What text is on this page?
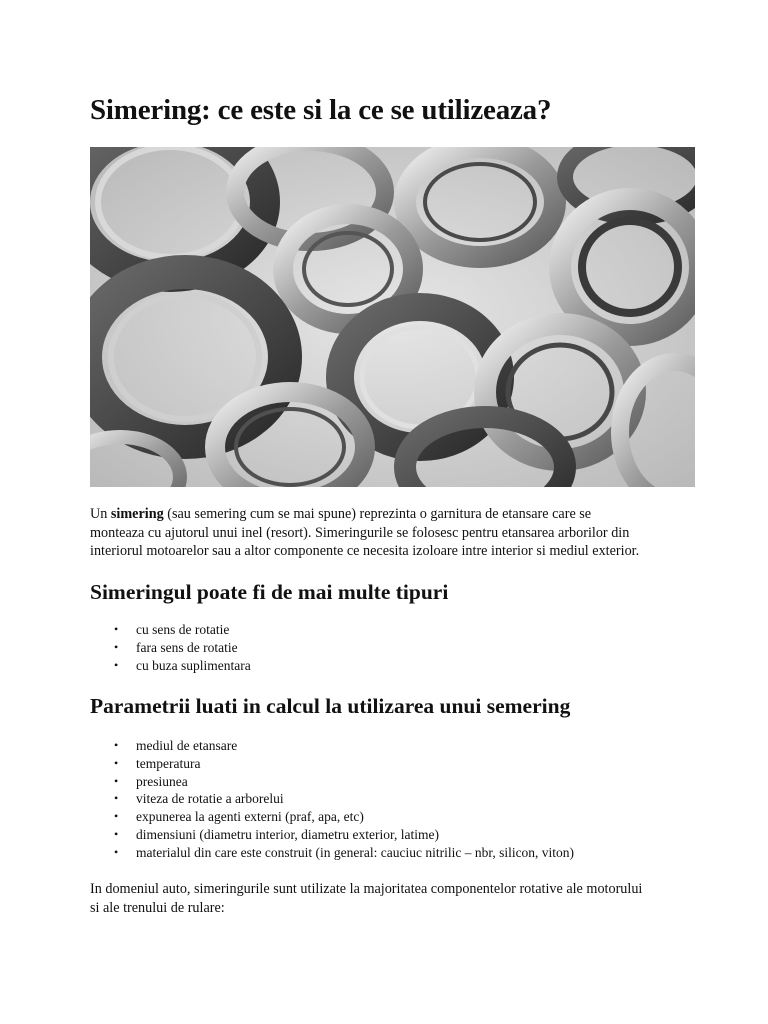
Simering: ce este si la ce se utilizeaza?

Un simering (sau semering cum se mai spune) reprezinta o garnitura de etansare care se
monteaza cu ajutorul unui inel (resort). Simeringurile se folosesc pentru etansarea arborilor din
interiorul motoarelor sau a altor componente ce necesita izoloare intre interior si mediul exterior.

Simeringul poate fi de mai multe tipuri
• cu sens de rotatie
• fara sens de rotatie
• cu buza suplimentara
Parametrii luati in calcul la utilizarea unui semering
• mediul de etansare
• temperatura
• presiunea
• viteza de rotatie a arborelui
• expunerea la agenti externi (praf, apa, etc)
• dimensiuni (diametru interior, diametru exterior, latime)
• materialul din care este construit (in general: cauciuc nitrilic – nbr, silicon, viton)

In domeniul auto, simeringurile sunt utilizate la majoritatea componentelor rotative ale motorului
si ale trenului de rulare:
